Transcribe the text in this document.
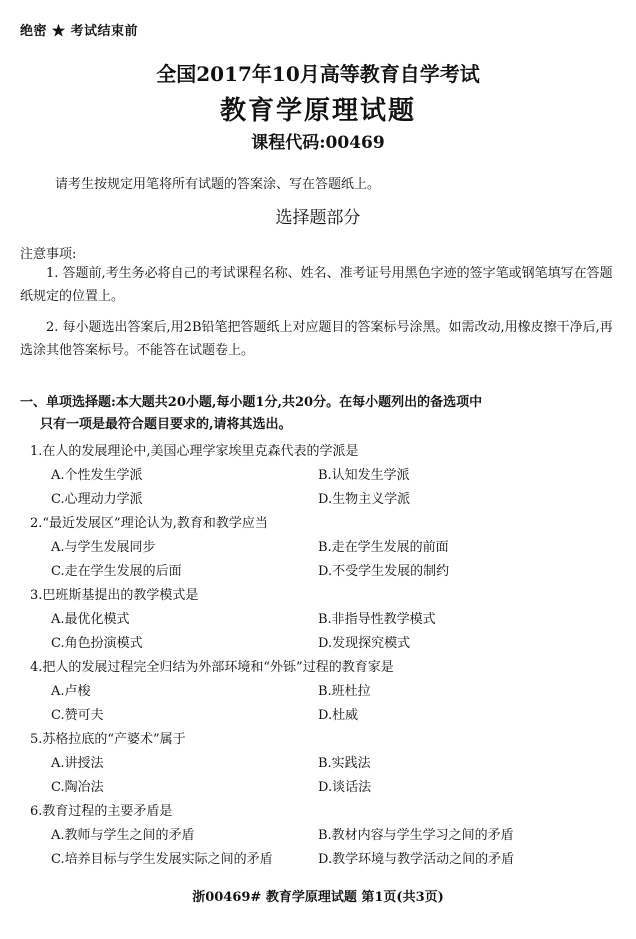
绝密 ★ 考试结束前
全国2017年10月高等教育自学考试
教育学原理试题
课程代码:00469
请考生按规定用笔将所有试题的答案涂、写在答题纸上。
选择题部分
注意事项:
1. 答题前,考生务必将自己的考试课程名称、姓名、准考证号用黑色字迹的签字笔或钢笔填写在答题纸规定的位置上。
2. 每小题选出答案后,用2B铅笔把答题纸上对应题目的答案标号涂黑。如需改动,用橡皮擦干净后,再选涂其他答案标号。不能答在试题卷上。
一、单项选择题:本大题共20小题,每小题1分,共20分。在每小题列出的备选项中
只有一项是最符合题目要求的,请将其选出。
1.在人的发展理论中,美国心理学家埃里克森代表的学派是
A.个性发生学派	B.认知发生学派
C.心理动力学派	D.生物主义学派
2.“最近发展区”理论认为,教育和教学应当
A.与学生发展同步	B.走在学生发展的前面
C.走在学生发展的后面	D.不受学生发展的制约
3.巴班斯基提出的教学模式是
A.最优化模式	B.非指导性教学模式
C.角色扮演模式	D.发现探究模式
4.把人的发展过程完全归结为外部环境和“外铄”过程的教育家是
A.卢梭	B.班杜拉
C.赞可夫	D.杜威
5.苏格拉底的“产婆术”属于
A.讲授法	B.实践法
C.陶冶法	D.谈话法
6.教育过程的主要矛盾是
A.教师与学生之间的矛盾	B.教材内容与学生学习之间的矛盾
C.培养目标与学生发展实际之间的矛盾	D.教学环境与教学活动之间的矛盾
浙00469# 教育学原理试题 第1页(共3页)
